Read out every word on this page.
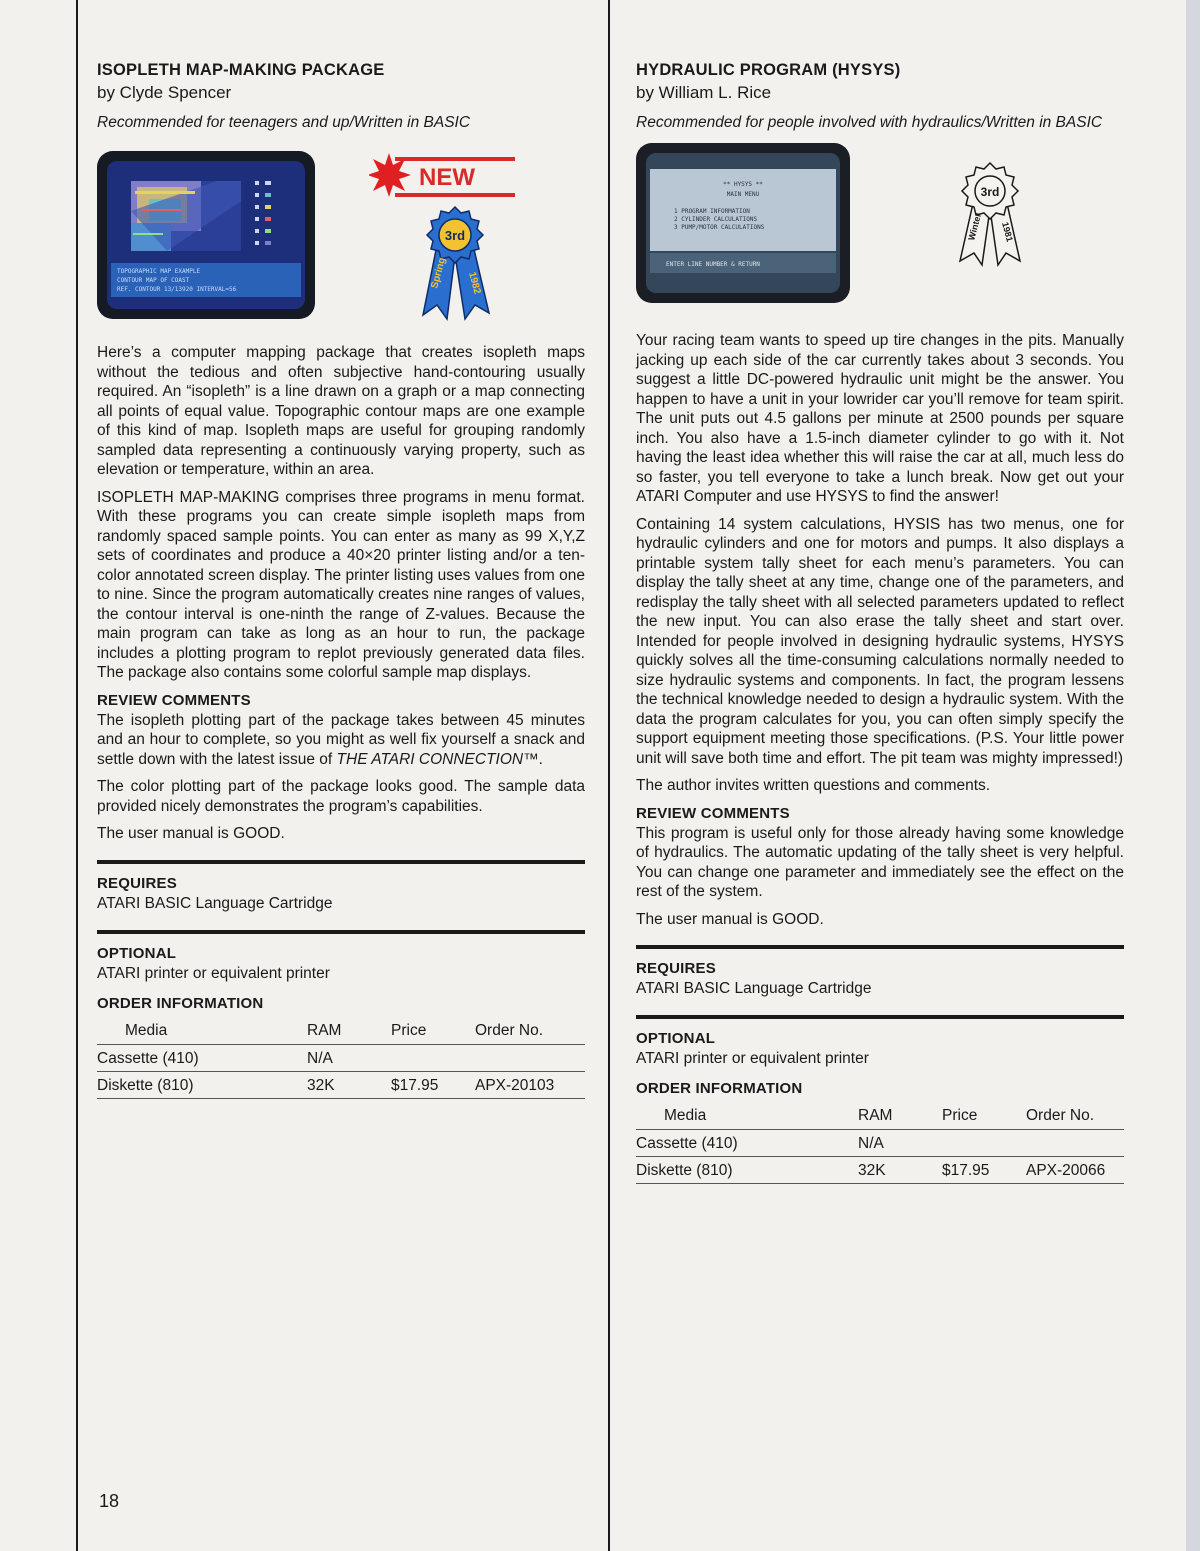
ISOPLETH MAP-MAKING PACKAGE
by Clyde Spencer
Recommended for teenagers and up/Written in BASIC
TOPOGRAPHIC MAP EXAMPLE
CONTOUR MAP OF COAST
REF. CONTOUR 13/13920 INTERVAL=56
NEW
3rd
Spring 1982

Here’s a computer mapping package that creates isopleth maps without the tedious and often subjective hand-contouring usually required. An “isopleth” is a line drawn on a graph or a map connecting all points of equal value. Topographic contour maps are one example of this kind of map. Isopleth maps are useful for grouping randomly sampled data representing a continuously varying property, such as elevation or temperature, within an area.

ISOPLETH MAP-MAKING comprises three programs in menu format. With these programs you can create simple isopleth maps from randomly spaced sample points. You can enter as many as 99 X,Y,Z sets of coordinates and produce a 40×20 printer listing and/or a ten-color annotated screen display. The printer listing uses values from one to nine. Since the program automatically creates nine ranges of values, the contour interval is one-ninth the range of Z-values. Because the main program can take as long as an hour to run, the package includes a plotting program to replot previously generated data files. The package also contains some colorful sample map displays.

REVIEW COMMENTS

The isopleth plotting part of the package takes between 45 minutes and an hour to complete, so you might as well fix yourself a snack and settle down with the latest issue of THE ATARI CONNECTION™.

The color plotting part of the package looks good. The sample data provided nicely demonstrates the program’s capabilities.

The user manual is GOOD.

REQUIRES
ATARI BASIC Language Cartridge
OPTIONAL
ATARI printer or equivalent printer
ORDER INFORMATION
Media	RAM	Price	Order No.
Cassette (410)	N/A		
Diskette (810)	32K	$17.95	APX-20103
HYDRAULIC PROGRAM (HYSYS)
by William L. Rice
Recommended for people involved with hydraulics/Written in BASIC
** HYSYS **
MAIN MENU
1 PROGRAM INFORMATION
2 CYLINDER CALCULATIONS
3 PUMP/MOTOR CALCULATIONS
ENTER LINE NUMBER & RETURN
3rd
Winter 1981

Your racing team wants to speed up tire changes in the pits. Manually jacking up each side of the car currently takes about 3 seconds. You suggest a little DC-powered hydraulic unit might be the answer. You happen to have a unit in your lowrider car you’ll remove for team spirit. The unit puts out 4.5 gallons per minute at 2500 pounds per square inch. You also have a 1.5-inch diameter cylinder to go with it. Not having the least idea whether this will raise the car at all, much less do so faster, you tell everyone to take a lunch break. Now get out your ATARI Computer and use HYSYS to find the answer!

Containing 14 system calculations, HYSIS has two menus, one for hydraulic cylinders and one for motors and pumps. It also displays a printable system tally sheet for each menu’s parameters. You can display the tally sheet at any time, change one of the parameters, and redisplay the tally sheet with all selected parameters updated to reflect the new input. You can also erase the tally sheet and start over. Intended for people involved in designing hydraulic systems, HYSYS quickly solves all the time-consuming calculations normally needed to size hydraulic systems and components. In fact, the program lessens the technical knowledge needed to design a hydraulic system. With the data the program calculates for you, you can often simply specify the support equipment meeting those specifications. (P.S. Your little power unit will save both time and effort. The pit team was mighty impressed!)

The author invites written questions and comments.

REVIEW COMMENTS

This program is useful only for those already having some knowledge of hydraulics. The automatic updating of the tally sheet is very helpful. You can change one parameter and immediately see the effect on the rest of the system.

The user manual is GOOD.

REQUIRES
ATARI BASIC Language Cartridge
OPTIONAL
ATARI printer or equivalent printer
ORDER INFORMATION
Media	RAM	Price	Order No.
Cassette (410)	N/A		
Diskette (810)	32K	$17.95	APX-20066
18
